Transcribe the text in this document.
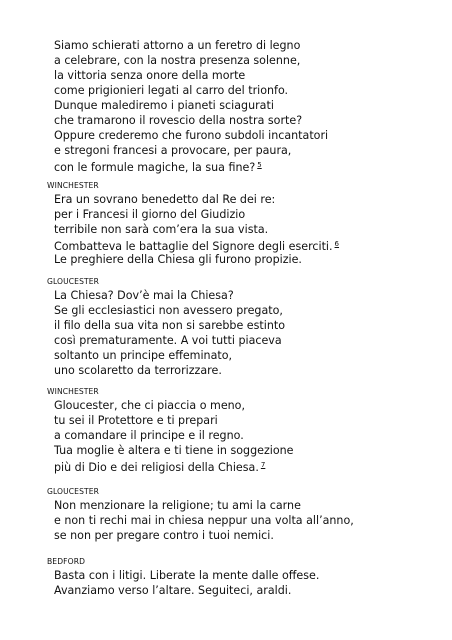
Siamo schierati attorno a un feretro di legno
a celebrare, con la nostra presenza solenne,
la vittoria senza onore della morte
come prigionieri legati al carro del trionfo.
Dunque malediremo i pianeti sciagurati
che tramarono il rovescio della nostra sorte?
Oppure crederemo che furono subdoli incantatori
e stregoni francesi a provocare, per paura,
con le formule magiche, la sua fine? $^5$
WINCHESTER
Era un sovrano benedetto dal Re dei re:
per i Francesi il giorno del Giudizio
terribile non sarà com’era la sua vista.
Combatteva le battaglie del Signore degli eserciti. $^6$
Le preghiere della Chiesa gli furono propizie.
GLOUCESTER
La Chiesa? Dov’è mai la Chiesa?
Se gli ecclesiastici non avessero pregato,
il filo della sua vita non si sarebbe estinto
così prematuramente. A voi tutti piaceva
soltanto un principe effeminato,
uno scolaretto da terrorizzare.
WINCHESTER
Gloucester, che ci piaccia o meno,
tu sei il Protettore e ti prepari
a comandare il principe e il regno.
Tua moglie è altera e ti tiene in soggezione
più di Dio e dei religiosi della Chiesa. $^7$
GLOUCESTER
Non menzionare la religione; tu ami la carne
e non ti rechi mai in chiesa neppur una volta all’anno,
se non per pregare contro i tuoi nemici.
BEDFORD
Basta con i litigi. Liberate la mente dalle offese.
Avanziamo verso l’altare. Seguiteci, araldi.
